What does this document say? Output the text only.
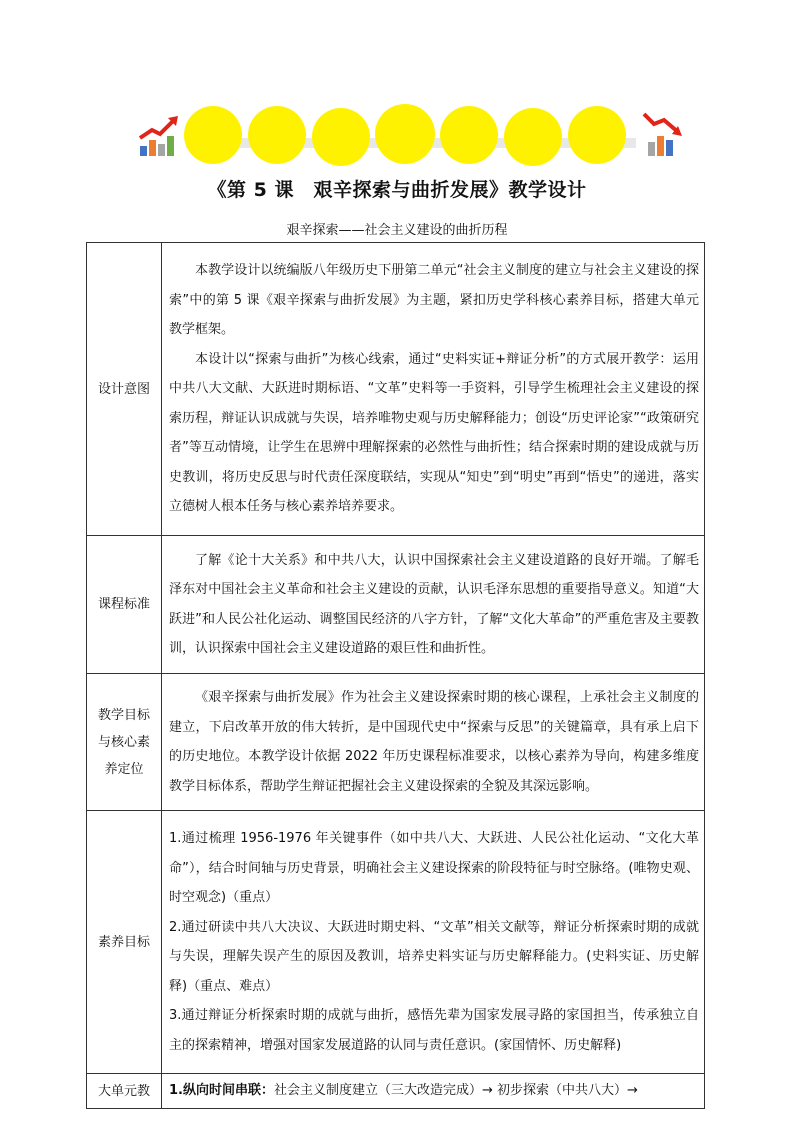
《第 5 课　艰辛探索与曲折发展》教学设计
艰辛探索——社会主义建设的曲折历程
设计意图	本教学设计以统编版八年级历史下册第二单元“社会主义制度的建立与社会主义建设的探索”中的第 5 课《艰辛探索与曲折发展》为主题，紧扣历史学科核心素养目标，搭建大单元教学框架。

本设计以“探索与曲折”为核心线索，通过“史料实证+辩证分析”的方式展开教学：运用中共八大文献、大跃进时期标语、“文革”史料等一手资料，引导学生梳理社会主义建设的探索历程，辩证认识成就与失误，培养唯物史观与历史解释能力；创设“历史评论家”“政策研究者”等互动情境，让学生在思辨中理解探索的必然性与曲折性；结合探索时期的建设成就与历史教训，将历史反思与时代责任深度联结，实现从“知史”到“明史”再到“悟史”的递进，落实立德树人根本任务与核心素养培养要求。

课程标准	了解《论十大关系》和中共八大，认识中国探索社会主义建设道路的良好开端。了解毛泽东对中国社会主义革命和社会主义建设的贡献，认识毛泽东思想的重要指导意义。知道“大跃进”和人民公社化运动、调整国民经济的八字方针，了解“文化大革命”的严重危害及主要教训，认识探索中国社会主义建设道路的艰巨性和曲折性。

教学目标
与核心素
养定位	《艰辛探索与曲折发展》作为社会主义建设探索时期的核心课程，上承社会主义制度的建立，下启改革开放的伟大转折，是中国现代史中“探索与反思”的关键篇章，具有承上启下的历史地位。本教学设计依据 2022 年历史课程标准要求，以核心素养为导向，构建多维度教学目标体系，帮助学生辩证把握社会主义建设探索的全貌及其深远影响。

素养目标	1.通过梳理 1956-1976 年关键事件（如中共八大、大跃进、人民公社化运动、“文化大革命”），结合时间轴与历史背景，明确社会主义建设探索的阶段特征与时空脉络。(唯物史观、时空观念)（重点）

2.通过研读中共八大决议、大跃进时期史料、“文革”相关文献等，辩证分析探索时期的成就与失误，理解失误产生的原因及教训，培养史料实证与历史解释能力。(史料实证、历史解释)（重点、难点）

3.通过辩证分析探索时期的成就与曲折，感悟先辈为国家发展寻路的家国担当，传承独立自主的探索精神，增强对国家发展道路的认同与责任意识。(家国情怀、历史解释)

大单元教	1.纵向时间串联：社会主义制度建立（三大改造完成）→ 初步探索（中共八大）→
